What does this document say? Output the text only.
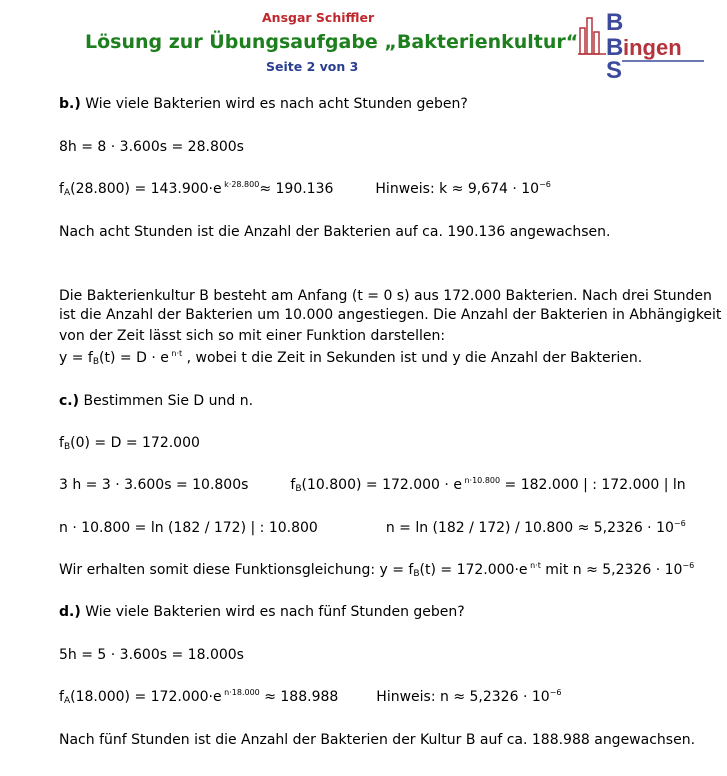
Ansgar Schiffler
Lösung zur Übungsaufgabe „Bakterienkultur“
Seite 2 von 3
B
B
S
ingen
b.) Wie viele Bakterien wird es nach acht Stunden geben?
8h = 8 · 3.600s = 28.800s
$f_A(28.800) = 143.900\cdot e$ $^{k\cdot 28.800}$≈ 190.136	Hinweis: $k \approx 9,674 \cdot 10^{-6}$
Nach acht Stunden ist die Anzahl der Bakterien auf ca. 190.136 angewachsen.
Die Bakterienkultur B besteht am Anfang (t = 0 s) aus 172.000 Bakterien. Nach drei Stunden
ist die Anzahl der Bakterien um 10.000 angestiegen. Die Anzahl der Bakterien in Abhängigkeit
von der Zeit lässt sich so mit einer Funktion darstellen:
$y = f_B(t) = D \cdot e$ $^{n\cdot t}$ , wobei t die Zeit in Sekunden ist und y die Anzahl der Bakterien.
c.) Bestimmen Sie D und n.
$f_B(0) = D = 172.000$
3 h = 3 · 3.600s = 10.800s	$f_B(10.800) = 172.000 \cdot e$ $^{n\cdot 10.800}$ = 182.000 | : 172.000 | ln
n · 10.800 = ln (182 / 172) | : 10.800	$n = \ln (182 / 172) / 10.800 \approx 5,2326 \cdot 10^{-6}$
Wir erhalten somit diese Funktionsgleichung: $y = f_B(t) = 172.000\cdot e$ $^{n\cdot t}$ mit $n \approx 5,2326 \cdot 10^{-6}$
d.) Wie viele Bakterien wird es nach fünf Stunden geben?
5h = 5 · 3.600s = 18.000s
$f_A(18.000) = 172.000\cdot e$ $^{n\cdot 18.000}$ ≈ 188.988	Hinweis: $n \approx 5,2326 \cdot 10^{-6}$
Nach fünf Stunden ist die Anzahl der Bakterien der Kultur B auf ca. 188.988 angewachsen.
